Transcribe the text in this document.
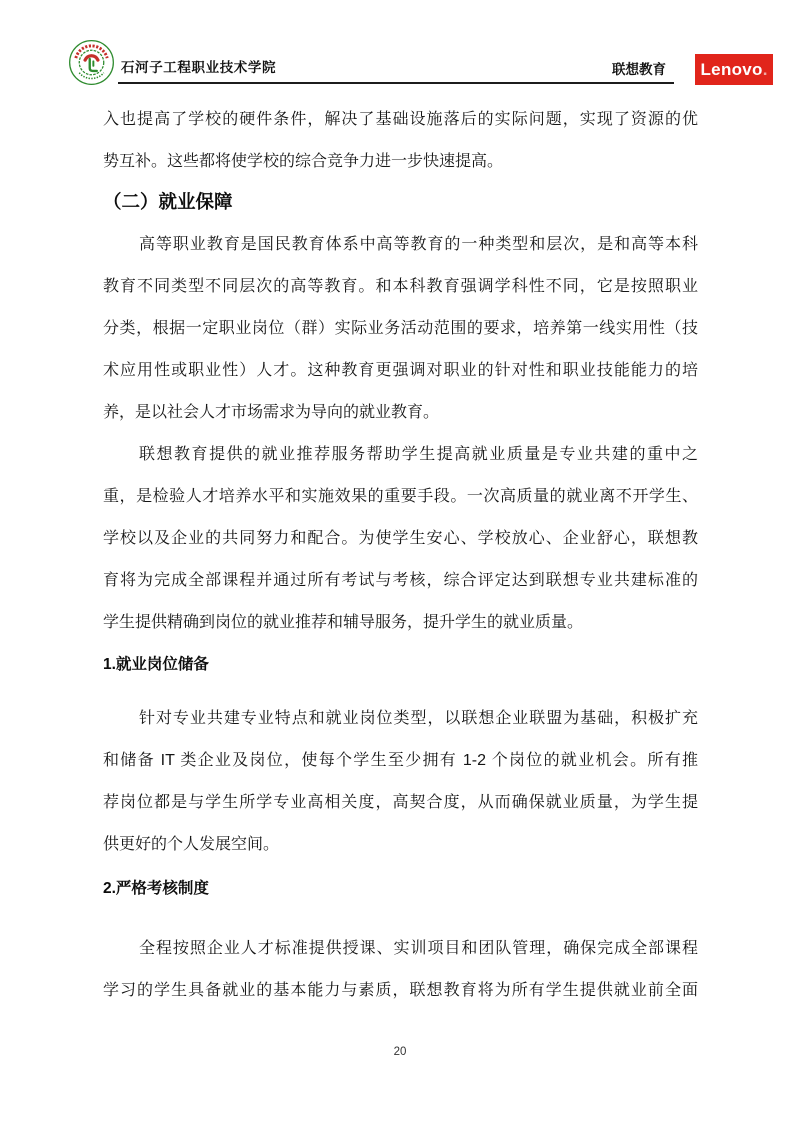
石河子工程职业技术学院	联想教育 Lenovo .
入也提高了学校的硬件条件，解决了基础设施落后的实际问题，实现了资源的优
势互补。这些都将使学校的综合竞争力进一步快速提高。
（二）就业保障
高等职业教育是国民教育体系中高等教育的一种类型和层次，是和高等本科
教育不同类型不同层次的高等教育。和本科教育强调学科性不同，它是按照职业
分类，根据一定职业岗位（群）实际业务活动范围的要求，培养第一线实用性（技
术应用性或职业性）人才。这种教育更强调对职业的针对性和职业技能能力的培
养，是以社会人才市场需求为导向的就业教育。
联想教育提供的就业推荐服务帮助学生提高就业质量是专业共建的重中之
重，是检验人才培养水平和实施效果的重要手段。一次高质量的就业离不开学生、
学校以及企业的共同努力和配合。为使学生安心、学校放心、企业舒心，联想教
育将为完成全部课程并通过所有考试与考核，综合评定达到联想专业共建标准的
学生提供精确到岗位的就业推荐和辅导服务，提升学生的就业质量。
1.就业岗位储备
针对专业共建专业特点和就业岗位类型，以联想企业联盟为基础，积极扩充
和储备 IT 类企业及岗位，使每个学生至少拥有 1-2 个岗位的就业机会。所有推
荐岗位都是与学生所学专业高相关度，高契合度，从而确保就业质量，为学生提
供更好的个人发展空间。
2.严格考核制度
全程按照企业人才标准提供授课、实训项目和团队管理，确保完成全部课程
学习的学生具备就业的基本能力与素质，联想教育将为所有学生提供就业前全面
20
